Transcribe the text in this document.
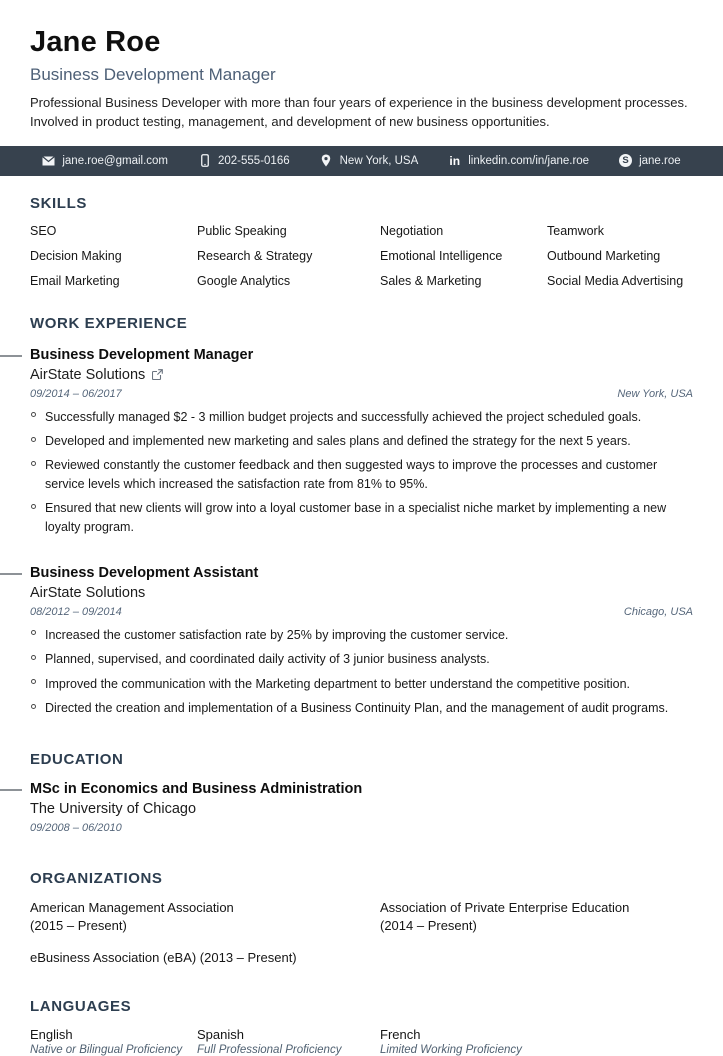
Jane Roe
Business Development Manager

Professional Business Developer with more than four years of experience in the business development processes. Involved in product testing, management, and development of new business opportunities.

jane.roe@gmail.com	202-555-0166	New York, USA	in linkedin.com/in/jane.roe	S jane.roe
SKILLS
SEO	Public Speaking	Negotiation	Teamwork
Decision Making	Research & Strategy	Emotional Intelligence	Outbound Marketing
Email Marketing	Google Analytics	Sales & Marketing	Social Media Advertising
WORK EXPERIENCE
Business Development Manager
AirState Solutions
09/2014 – 06/2017	New York, USA
Successfully managed $2 - 3 million budget projects and successfully achieved the project scheduled goals.
Developed and implemented new marketing and sales plans and defined the strategy for the next 5 years.
Reviewed constantly the customer feedback and then suggested ways to improve the processes and customer service levels which increased the satisfaction rate from 81% to 95%.
Ensured that new clients will grow into a loyal customer base in a specialist niche market by implementing a new loyalty program.
Business Development Assistant
AirState Solutions
08/2012 – 09/2014	Chicago, USA
Increased the customer satisfaction rate by 25% by improving the customer service.
Planned, supervised, and coordinated daily activity of 3 junior business analysts.
Improved the communication with the Marketing department to better understand the competitive position.
Directed the creation and implementation of a Business Continuity Plan, and the management of audit programs.
EDUCATION
MSc in Economics and Business Administration
The University of Chicago
09/2008 – 06/2010
ORGANIZATIONS
American Management Association
(2015 – Present)
Association of Private Enterprise Education
(2014 – Present)
eBusiness Association (eBA) (2013 – Present)
LANGUAGES
English
Native or Bilingual Proficiency
Spanish
Full Professional Proficiency
French
Limited Working Proficiency
